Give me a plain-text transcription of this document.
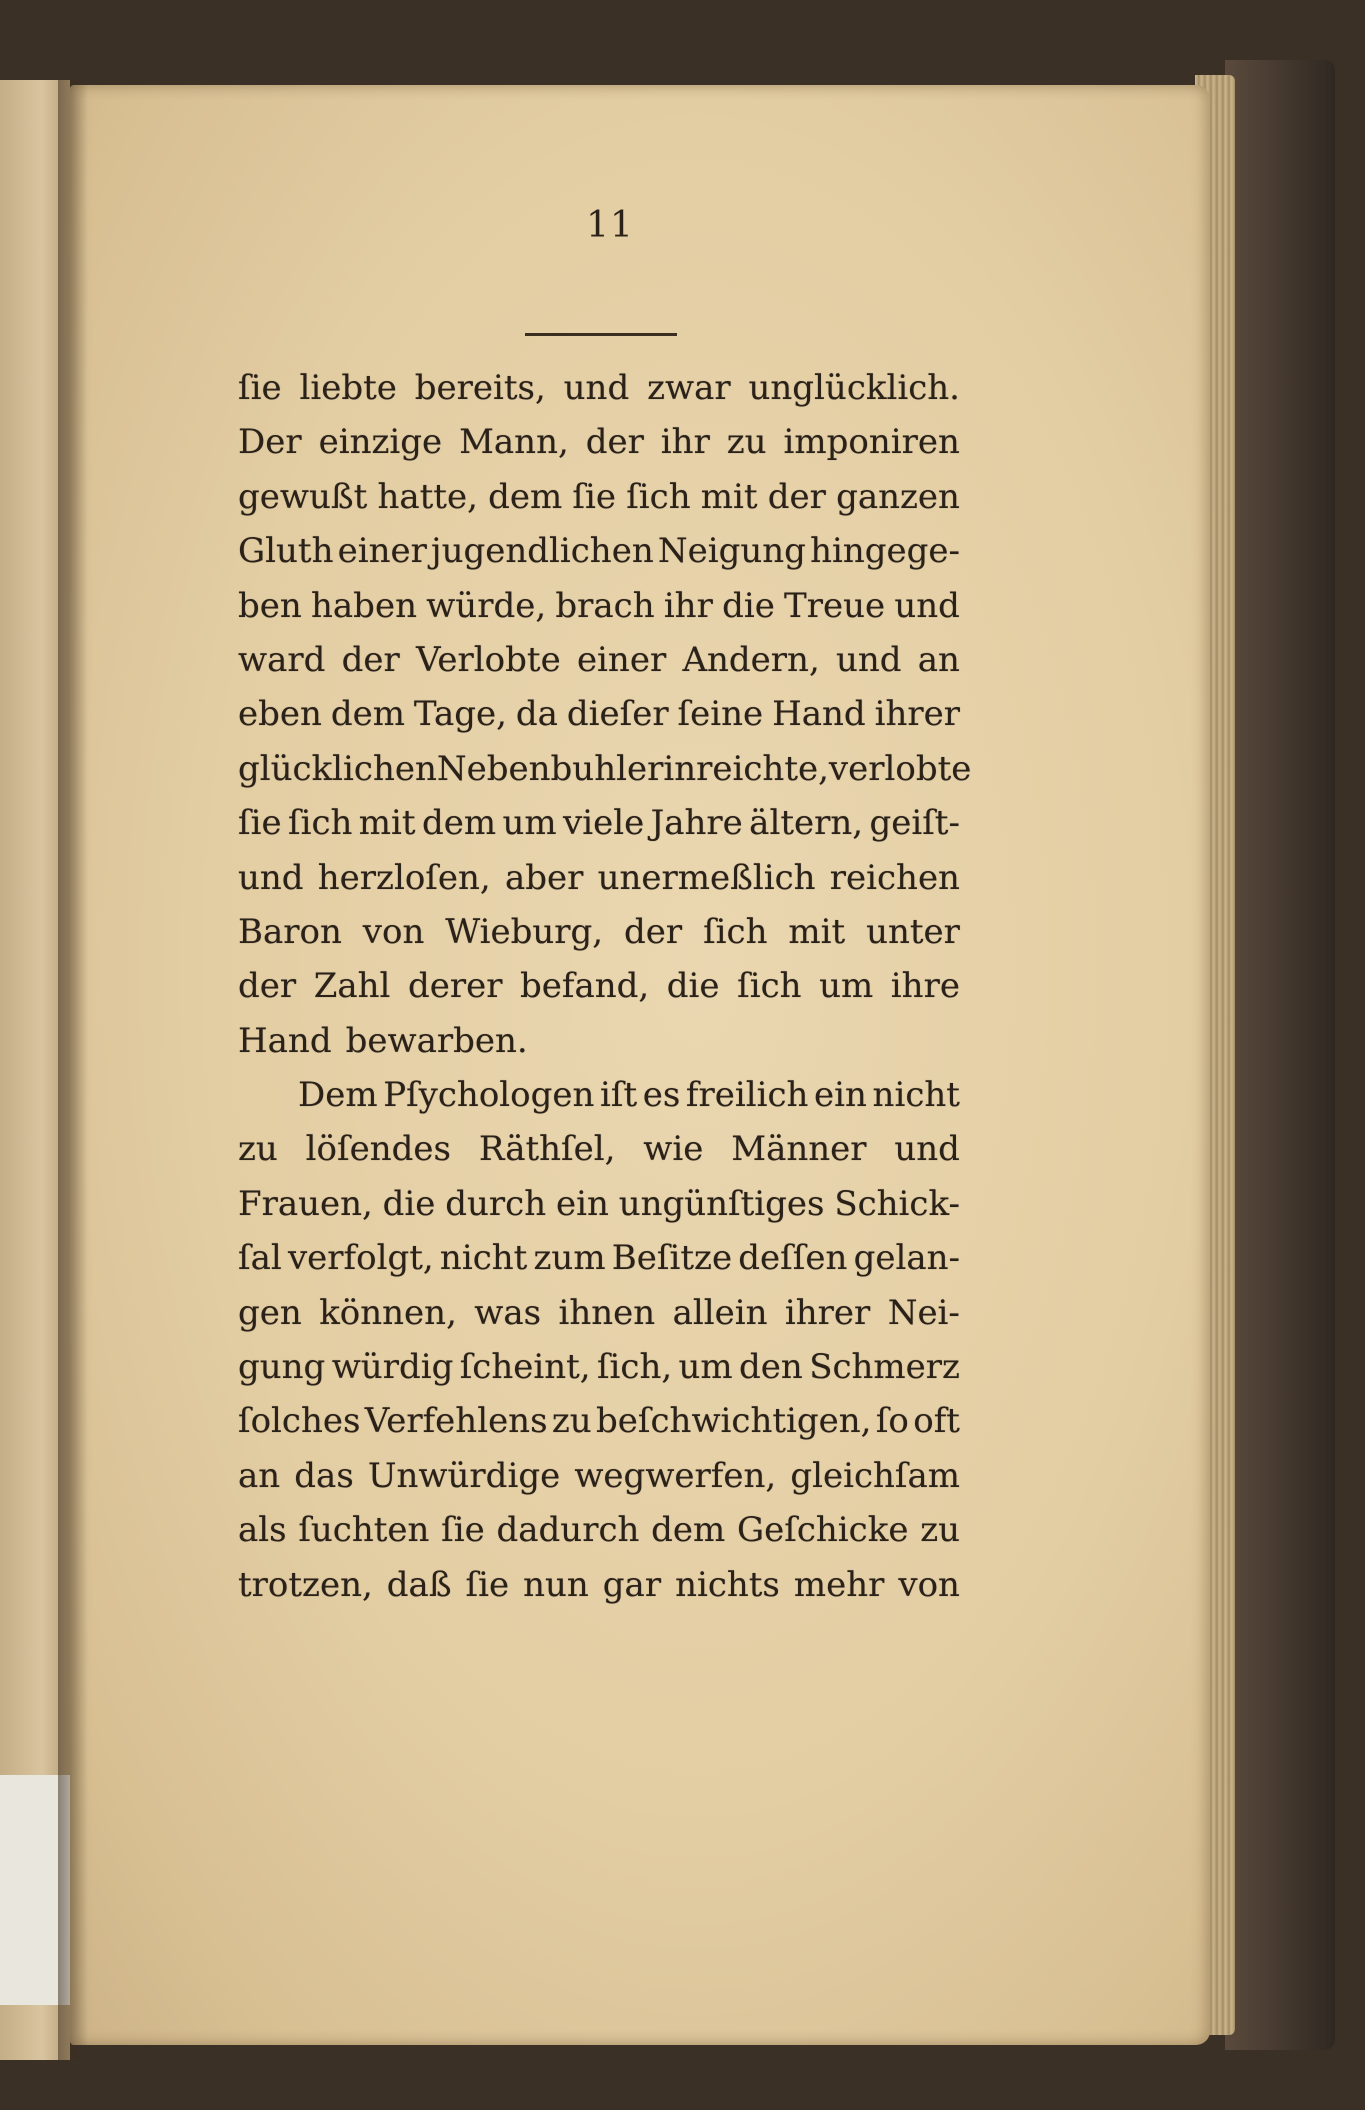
11
ſie liebte bereits, und zwar unglücklich.
Der einzige Mann, der ihr zu imponiren
gewußt hatte, dem ſie ſich mit der ganzen
Gluth einer jugendlichen Neigung hingege-
ben haben würde, brach ihr die Treue und
ward der Verlobte einer Andern, und an
eben dem Tage, da dieſer ſeine Hand ihrer
glücklichen Nebenbuhlerin reichte, verlobte
ſie ſich mit dem um viele Jahre ältern, geiſt-
und herzloſen, aber unermeßlich reichen
Baron von Wieburg, der ſich mit unter
der Zahl derer befand, die ſich um ihre
Hand bewarben.
Dem Pſychologen iſt es freilich ein nicht
zu löſendes Räthſel, wie Männer und
Frauen, die durch ein ungünſtiges Schick-
ſal verfolgt, nicht zum Beſitze deſſen gelan-
gen können, was ihnen allein ihrer Nei-
gung würdig ſcheint, ſich, um den Schmerz
ſolches Verfehlens zu beſchwichtigen, ſo oft
an das Unwürdige wegwerfen, gleichſam
als ſuchten ſie dadurch dem Geſchicke zu
trotzen, daß ſie nun gar nichts mehr von
